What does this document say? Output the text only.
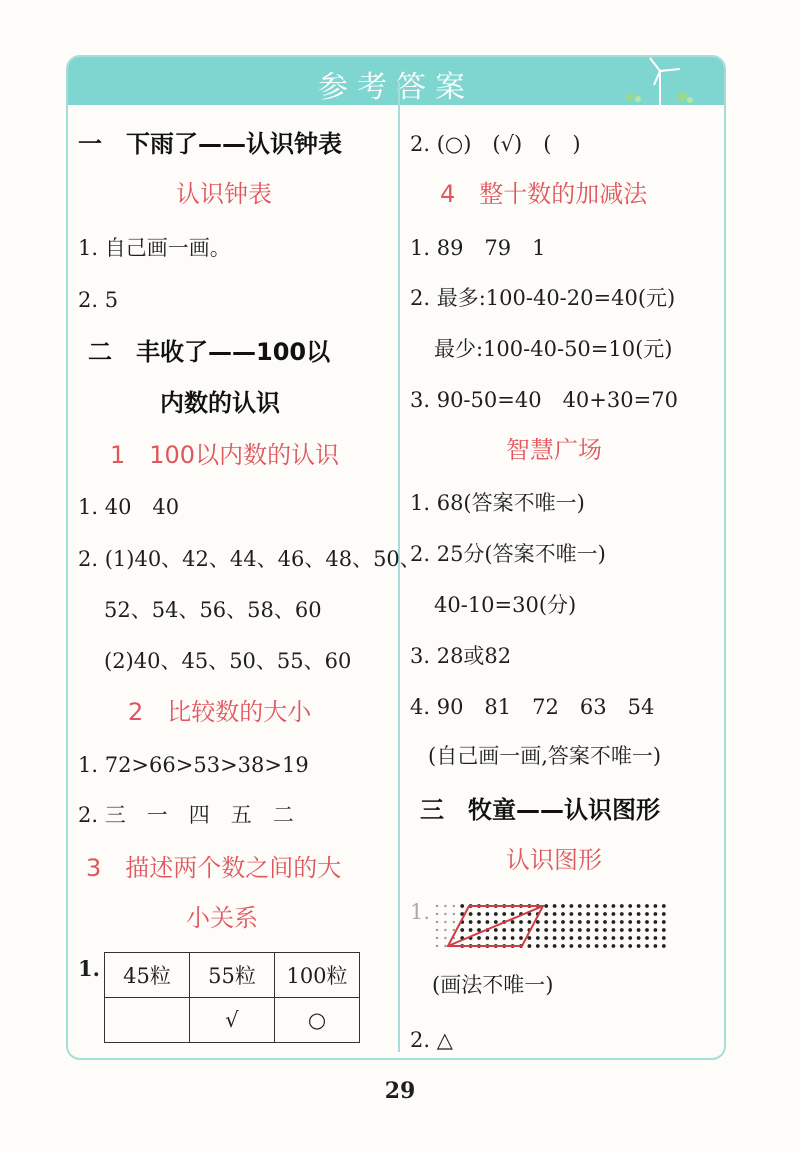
参考答案
一　下雨了——认识钟表
认识钟表
1. 自己画一画。
2. 5
二　丰收了——100以
内数的认识
1　100以内数的认识
1. 40　40
2. (1)40、42、44、46、48、50、
52、54、56、58、60
(2)40、45、50、55、60
2　比较数的大小
1. 72>66>53>38>19
2. 三　一　四　五　二
3　描述两个数之间的大
小关系
1. 45粒	55粒	100粒
	√	○
2. (○)　(√)　(　)
4　整十数的加减法
1. 89　79　1
2. 最多:100-40-20=40(元)
最少:100-40-50=10(元)
3. 90-50=40　40+30=70
智慧广场
1. 68(答案不唯一)
2. 25分(答案不唯一)
40-10=30(分)
3. 28或82
4. 90　81　72　63　54
(自己画一画,答案不唯一)
三　牧童——认识图形
认识图形
1.
(画法不唯一)
2. △
29
